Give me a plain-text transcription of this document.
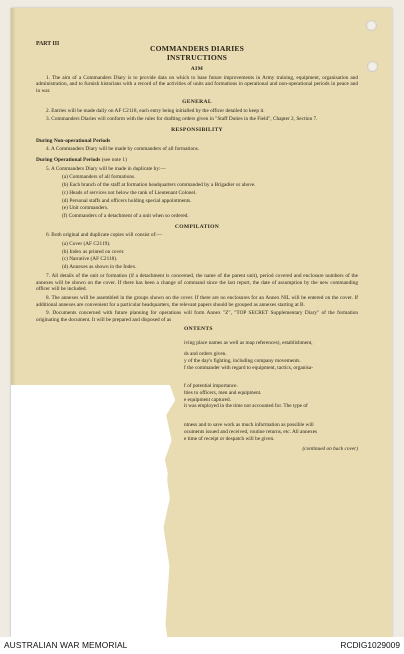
PART III	COMMANDERS DIARIES
INSTRUCTIONS
AIM
1. The aim of a Commanders Diary is to provide data on which to base future improvements in Army training, equipment, organisation and administration, and to furnish historians with a record of the activities of units and formations in operational and non-operational periods in peace and in war.
GENERAL
2. Entries will be made daily on AF C2118, each entry being initialled by the officer detailed to keep it.
3. Commanders Diaries will conform with the rules for drafting orders given in "Staff Duties in the Field", Chapter 2, Section 7.
RESPONSIBILITY
During Non-operational Periods
4. A Commanders Diary will be made by commanders of all formations.
During Operational Periods (see note 1)
5. A Commanders Diary will be made in duplicate by:—
(a) Commanders of all formations.
(b) Each branch of the staff at formation headquarters commanded by a Brigadier or above.
(c) Heads of services not below the rank of Lieutenant Colonel.
(d) Personal staffs and officers holding special appointments.
(e) Unit commanders.
(f) Commanders of a detachment of a unit when so ordered.
COMPILATION
6. Both original and duplicate copies will consist of:—
(a) Cover (AF C2119).
(b) Index as printed on cover.
(c) Narrative (AF C2118).
(d) Annexes as shown in the Index.
7. All details of the unit or formation (if a detachment is concerned, the name of the parent unit), period covered and enclosure numbers of the annexes will be shown on the cover. If there has been a change of command since the last report, the date of assumption by the new commanding officer will be included.
8. The annexes will be assembled in the groups shown on the cover. If there are no enclosures for an Annex NIL will be entered on the cover. If additional annexes are convenient for a particular headquarters, the relevant papers should be grouped as annexes starting at B.
9. Documents concerned with future planning for operations will form Annex "Z", "TOP SECRET Supplementary Diary" of the formation originating the document. It will be prepared and disposed of as
ONTENTS
iving place names as well as map references), establishment,
ds and orders given.
y of the day's fighting, including company movements.
f the commander with regard to equipment, tactics, organisa-
f of potential importance.
lties to officers, men and equipment.
e equipment captured.
it was employed in the time not accounted for. The type of
ntness and to save work as much information as possible will
ocuments issued and received, routine returns, etc. All annexes
e time of receipt or despatch will be given.
(continued on back cover)
AUSTRALIAN WAR MEMORIAL	RCDIG1029009
